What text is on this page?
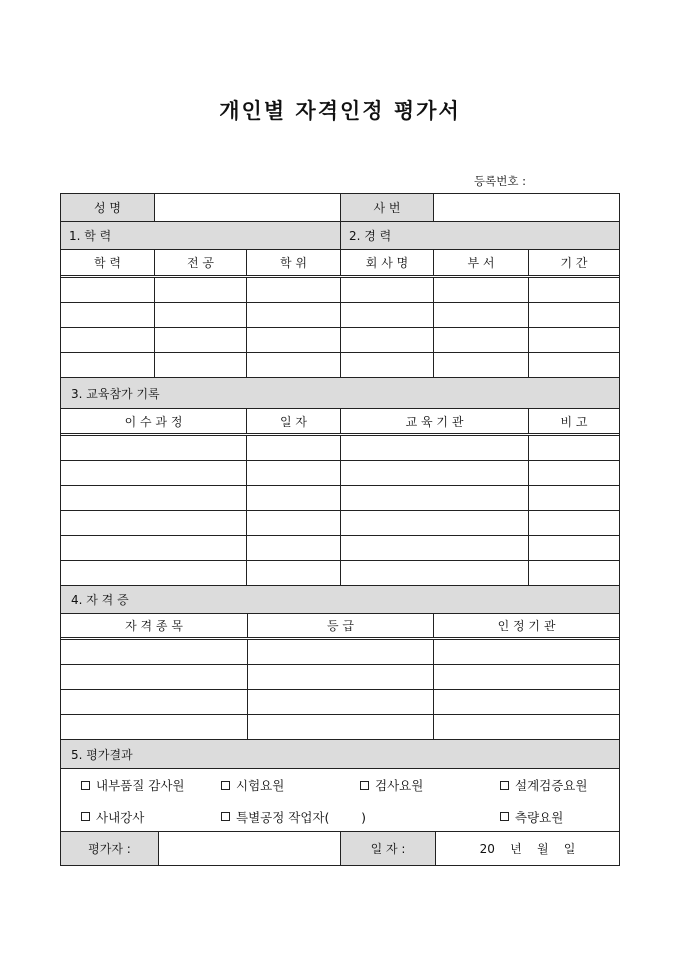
개인별 자격인정 평가서
등록번호 :
성 명	사 번
1. 학 력	2. 경 력
학 력	전 공	학 위	회 사 명	부 서	기 간
3. 교육참가 기록
이 수 과 정	일 자	교 육 기 관	비 고
4. 자 격 증
자 격 종 목	등 급	인 정 기 관
5. 평가결과
내부품질 감사원	시험요원	검사요원	설계검증요원
사내강사	특별공정 작업자(        )	측량요원
평가자 :	일 자 :	20    년    월    일
